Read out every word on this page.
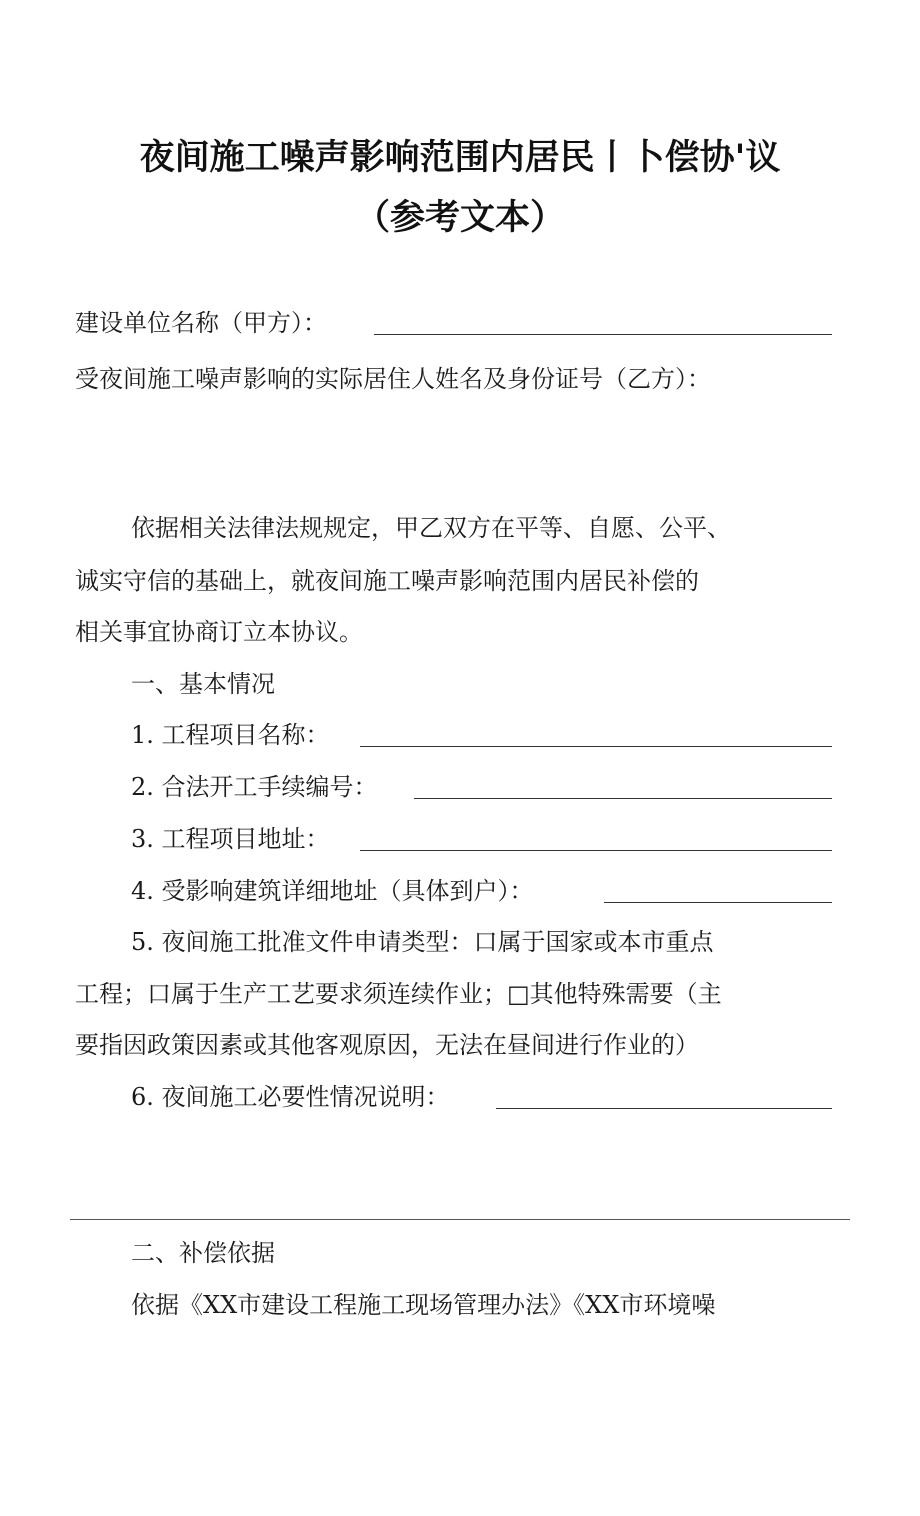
夜间施工噪声影响范围内居民丨卜偿协'议
（参考文本）
建设单位名称（甲方）：
受夜间施工噪声影响的实际居住人姓名及身份证号（乙方）：
依据相关法律法规规定，甲乙双方在平等、自愿、公平、
诚实守信的基础上，就夜间施工噪声影响范围内居民补偿的
相关事宜协商订立本协议。
一、基本情况
1. 工程项目名称：
2. 合法开工手续编号：
3. 工程项目地址：
4. 受影响建筑详细地址（具体到户）：
5. 夜间施工批准文件申请类型：口属于国家或本市重点
工程；口属于生产工艺要求须连续作业；□其他特殊需要（主
要指因政策因素或其他客观原因，无法在昼间进行作业的）
6. 夜间施工必要性情况说明：
二、补偿依据
依据《XX市建设工程施工现场管理办法》《XX市环境噪
